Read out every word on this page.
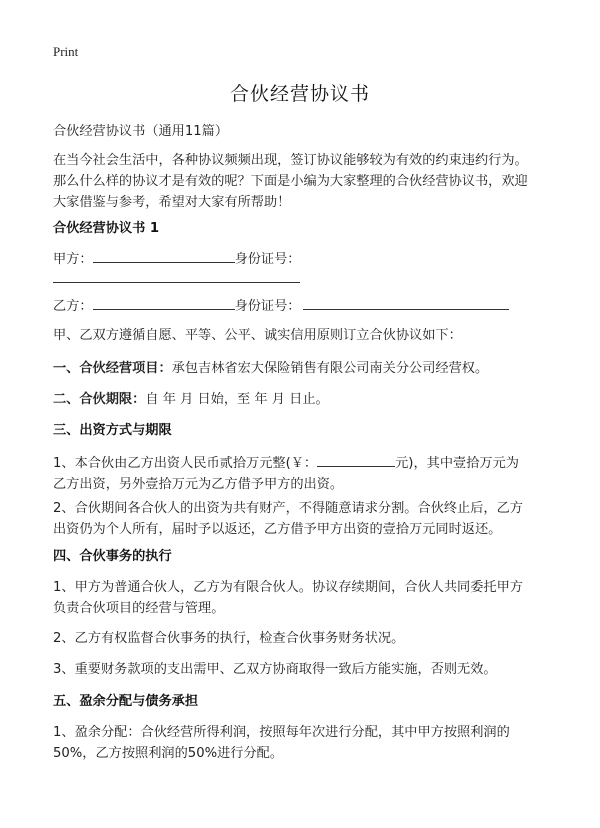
Print
合伙经营协议书
合伙经营协议书（通用11篇）
在当今社会生活中，各种协议频频出现，签订协议能够较为有效的约束违约行为。
那么什么样的协议才是有效的呢？下面是小编为大家整理的合伙经营协议书，欢迎
大家借鉴与参考，希望对大家有所帮助！
合伙经营协议书 1
甲方：	身份证号：
乙方：	身份证号：
甲、乙双方遵循自愿、平等、公平、诚实信用原则订立合伙协议如下：
一、合伙经营项目：承包吉林省宏大保险销售有限公司南关分公司经营权。
二、合伙期限：自 年 月 日始，至 年 月 日止。
三、出资方式与期限
1、本合伙由乙方出资人民币贰拾万元整(￥：	元)，其中壹拾万元为
乙方出资，另外壹拾万元为乙方借予甲方的出资。
2、合伙期间各合伙人的出资为共有财产，不得随意请求分割。合伙终止后，乙方
出资仍为个人所有，届时予以返还，乙方借予甲方出资的壹拾万元同时返还。
四、合伙事务的执行
1、甲方为普通合伙人，乙方为有限合伙人。协议存续期间，合伙人共同委托甲方
负责合伙项目的经营与管理。
2、乙方有权监督合伙事务的执行，检查合伙事务财务状况。
3、重要财务款项的支出需甲、乙双方协商取得一致后方能实施，否则无效。
五、盈余分配与债务承担
1、盈余分配：合伙经营所得利润，按照每年次进行分配，其中甲方按照利润的
50%，乙方按照利润的50%进行分配。
